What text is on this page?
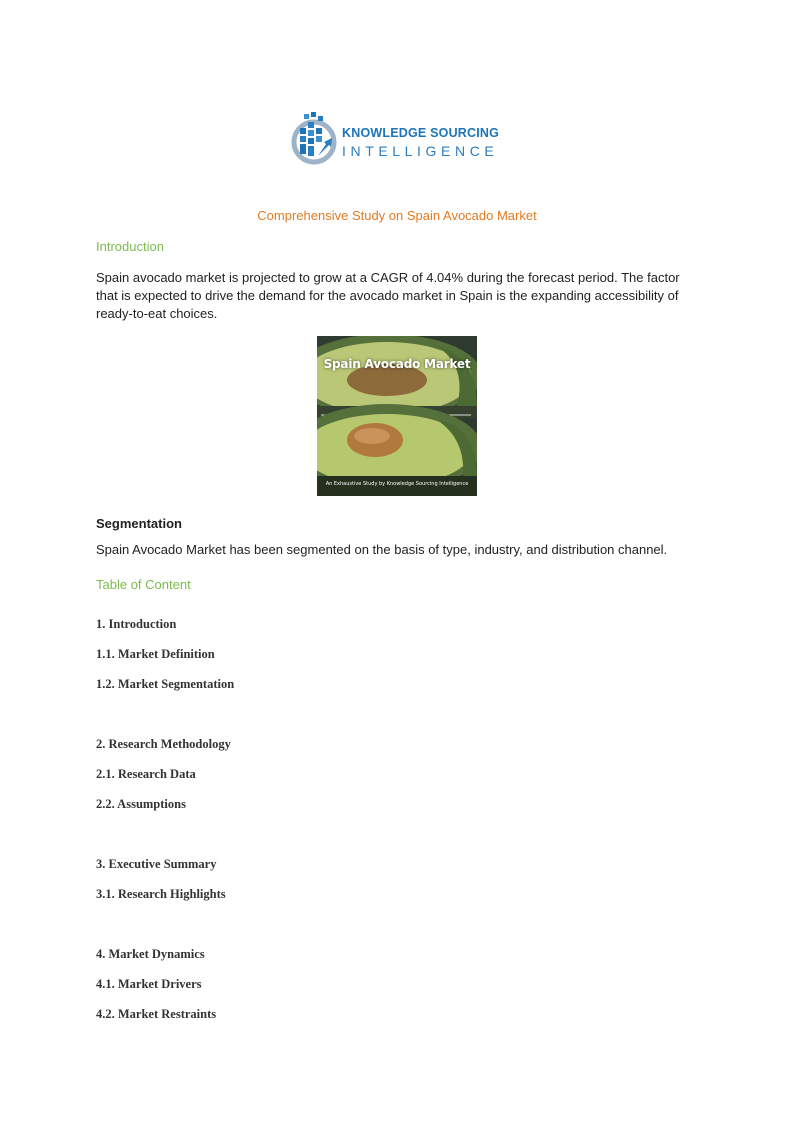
KNOWLEDGE SOURCING
INTELLIGENCE
Comprehensive Study on Spain Avocado Market
Introduction
Spain avocado market is projected to grow at a CAGR of 4.04% during the forecast period. The factor that is expected to drive the demand for the avocado market in Spain is the expanding accessibility of ready-to-eat choices.
Spain Avocado Market
An Exhaustive Study by Knowledge Sourcing Intelligence
Segmentation
Spain Avocado Market has been segmented on the basis of type, industry, and distribution channel.
Table of Content
1. Introduction
1.1. Market Definition
1.2. Market Segmentation
2. Research Methodology
2.1. Research Data
2.2. Assumptions
3. Executive Summary
3.1. Research Highlights
4. Market Dynamics
4.1. Market Drivers
4.2. Market Restraints
